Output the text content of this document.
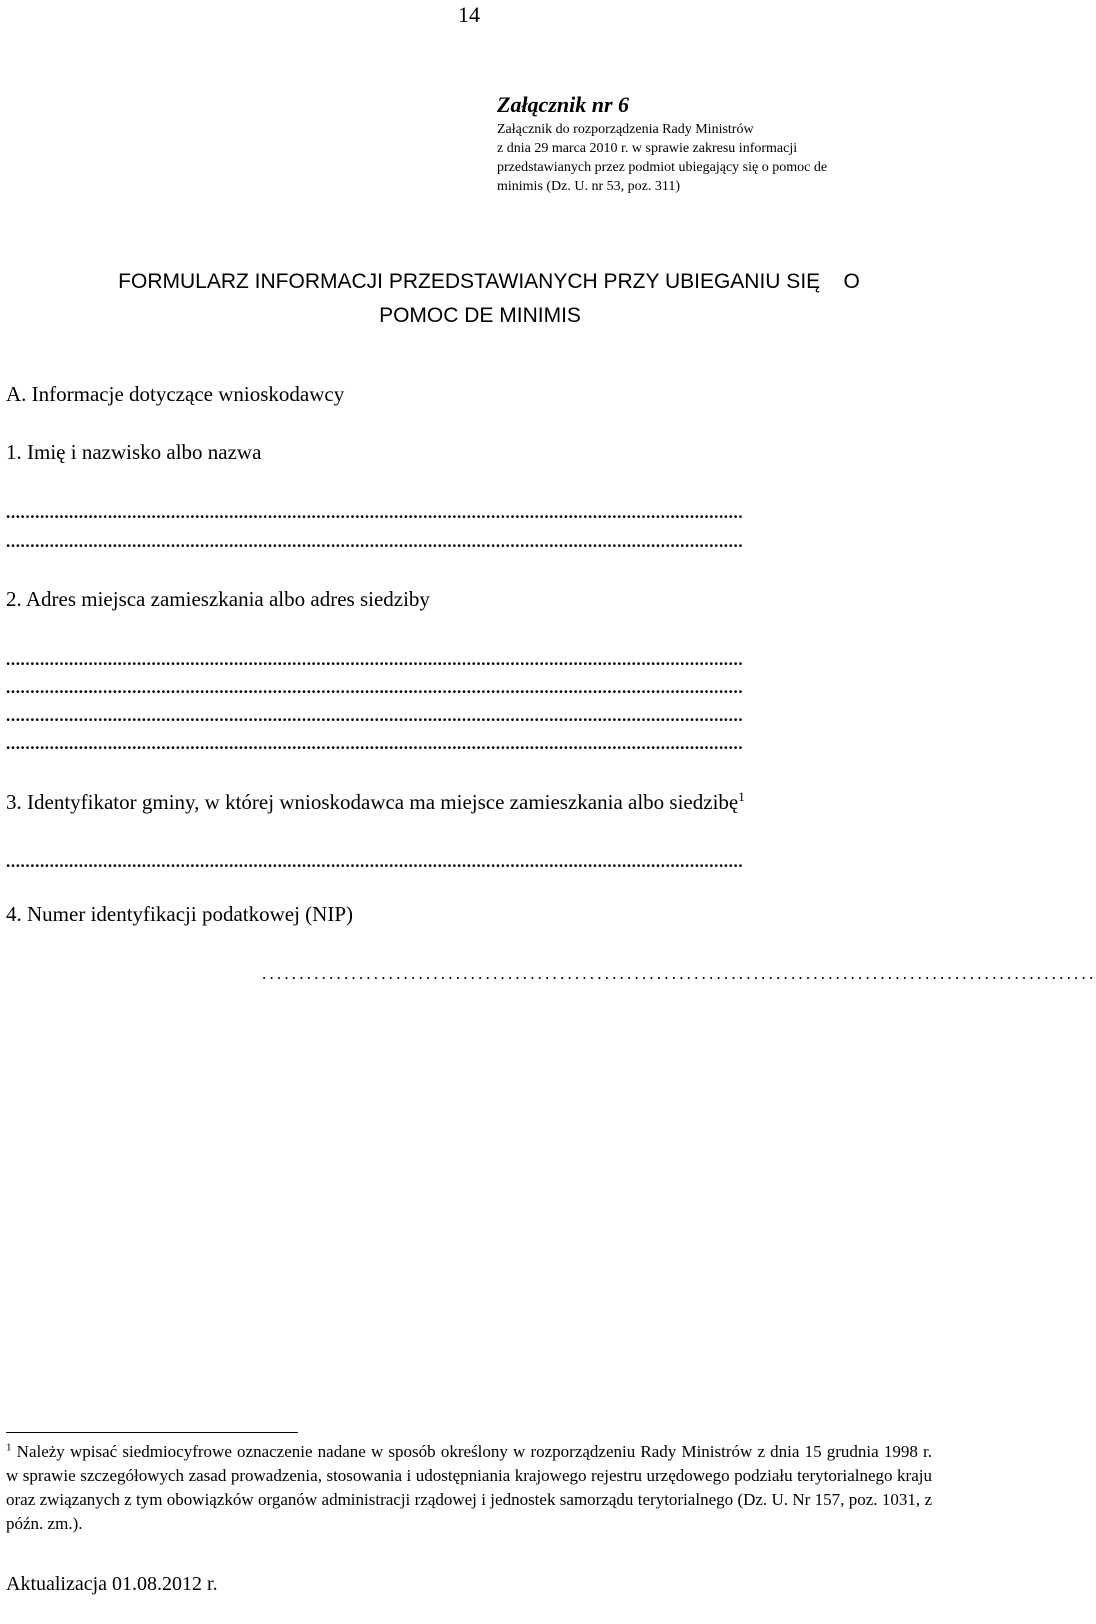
14
Załącznik nr 6
Załącznik do rozporządzenia Rady Ministrów
z dnia 29 marca 2010 r. w sprawie zakresu informacji
przedstawianych przez podmiot ubiegający się o pomoc de
minimis (Dz. U. nr 53, poz. 311)
FORMULARZ INFORMACJI PRZEDSTAWIANYCH PRZY UBIEGANIU SIĘ    O
POMOC DE MINIMIS
A. Informacje dotyczące wnioskodawcy
1. Imię i nazwisko albo nazwa
........................................................................................................................................................
........................................................................................................................................................
2. Adres miejsca zamieszkania albo adres siedziby
........................................................................................................................................................
........................................................................................................................................................
........................................................................................................................................................
........................................................................................................................................................
3. Identyfikator gminy, w której wnioskodawca ma miejsce zamieszkania albo siedzibę$^1$
........................................................................................................................................................
4. Numer identyfikacji podatkowej (NIP)
................................................................................................................
$^1$ Należy wpisać siedmiocyfrowe oznaczenie nadane w sposób określony w rozporządzeniu Rady Ministrów z dnia 15 grudnia 1998 r. w sprawie szczegółowych zasad prowadzenia, stosowania i udostępniania krajowego rejestru urzędowego podziału terytorialnego kraju oraz związanych z tym obowiązków organów administracji rządowej i jednostek samorządu terytorialnego (Dz. U. Nr 157, poz. 1031, z późn. zm.).
Aktualizacja 01.08.2012 r.
